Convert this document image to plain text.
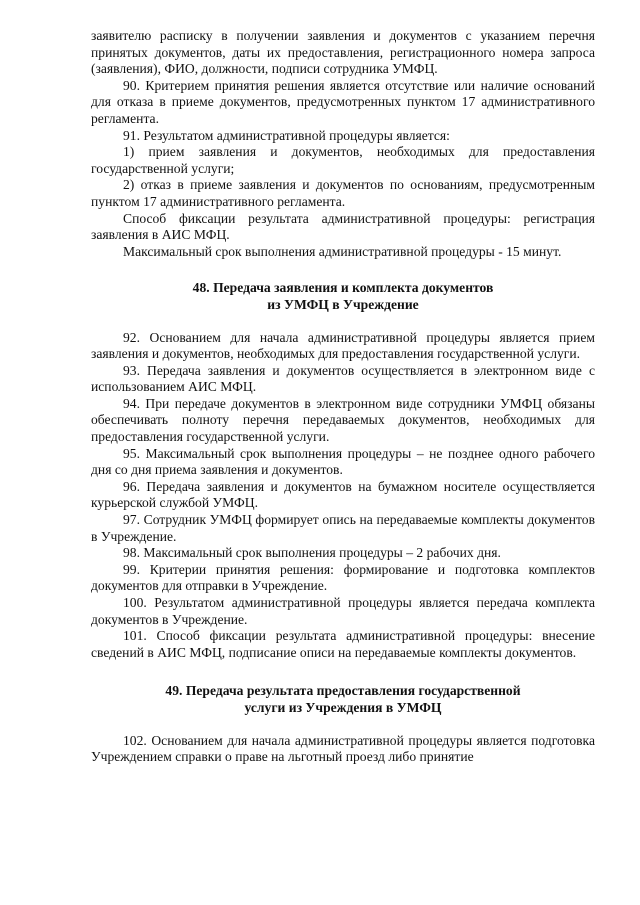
заявителю расписку в получении заявления и документов с указанием перечня принятых документов, даты их предоставления, регистрационного номера запроса (заявления), ФИО, должности, подписи сотрудника УМФЦ.

90. Критерием принятия решения является отсутствие или наличие оснований для отказа в приеме документов, предусмотренных пунктом 17 административного регламента.

91. Результатом административной процедуры является:

1) прием заявления и документов, необходимых для предоставления государственной услуги;

2) отказ в приеме заявления и документов по основаниям, предусмотренным пунктом 17 административного регламента.

Способ фиксации результата административной процедуры: регистрация заявления в АИС МФЦ.

Максимальный срок выполнения административной процедуры - 15 минут.

48. Передача заявления и комплекта документов

из УМФЦ в Учреждение

92. Основанием для начала административной процедуры является прием заявления и документов, необходимых для предоставления государственной услуги.

93. Передача заявления и документов осуществляется в электронном виде с использованием АИС МФЦ.

94. При передаче документов в электронном виде сотрудники УМФЦ обязаны обеспечивать полноту перечня передаваемых документов, необходимых для предоставления государственной услуги.

95. Максимальный срок выполнения процедуры – не позднее одного рабочего дня со дня приема заявления и документов.

96. Передача заявления и документов на бумажном носителе осуществляется курьерской службой УМФЦ.

97. Сотрудник УМФЦ формирует опись на передаваемые комплекты документов в Учреждение.

98. Максимальный срок выполнения процедуры – 2 рабочих дня.

99. Критерии принятия решения: формирование и подготовка комплектов документов для отправки в Учреждение.

100. Результатом административной процедуры является передача комплекта документов в Учреждение.

101. Способ фиксации результата административной процедуры: внесение сведений в АИС МФЦ, подписание описи на передаваемые комплекты документов.

49. Передача результата предоставления государственной

услуги из Учреждения в УМФЦ

102. Основанием для начала административной процедуры является подготовка Учреждением справки о праве на льготный проезд либо принятие
